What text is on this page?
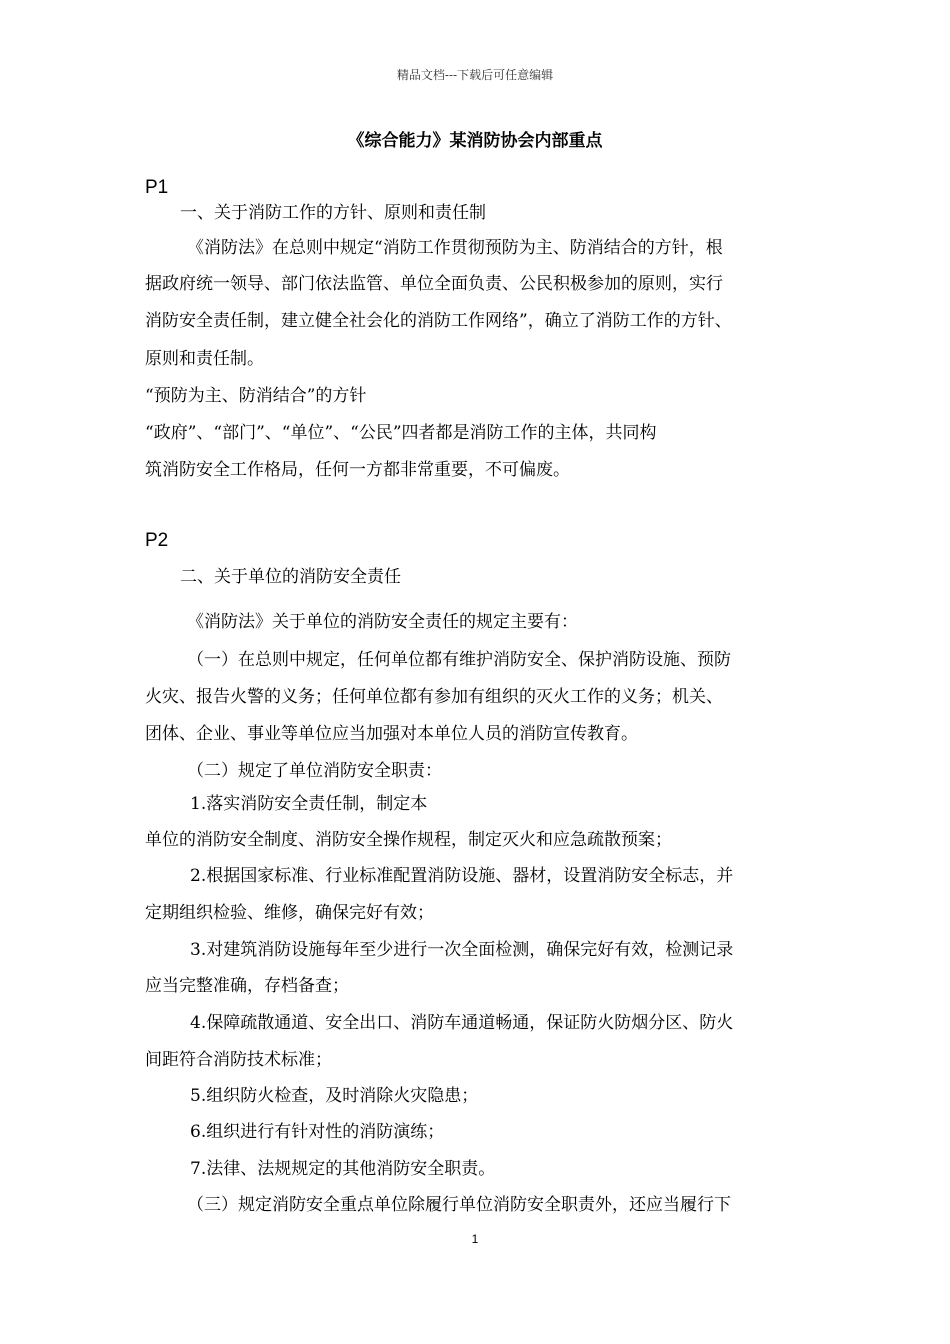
精品文档---下载后可任意编辑
《综合能力》某消防协会内部重点
P1
一、关于消防工作的方针、原则和责任制
《消防法》在总则中规定“消防工作贯彻预防为主、防消结合的方针，根
据政府统一领导、部门依法监管、单位全面负责、公民积极参加的原则，实行
消防安全责任制，建立健全社会化的消防工作网络”，确立了消防工作的方针、
原则和责任制。
“预防为主、防消结合”的方针
“政府”、“部门”、“单位”、“公民”四者都是消防工作的主体，共同构
筑消防安全工作格局，任何一方都非常重要，不可偏废。
P2
二、关于单位的消防安全责任
《消防法》关于单位的消防安全责任的规定主要有：
（一）在总则中规定，任何单位都有维护消防安全、保护消防设施、预防
火灾、报告火警的义务；任何单位都有参加有组织的灭火工作的义务；机关、
团体、企业、事业等单位应当加强对本单位人员的消防宣传教育。
（二）规定了单位消防安全职责：
1.落实消防安全责任制，制定本
单位的消防安全制度、消防安全操作规程，制定灭火和应急疏散预案；
2.根据国家标准、行业标准配置消防设施、器材，设置消防安全标志，并
定期组织检验、维修，确保完好有效；
3.对建筑消防设施每年至少进行一次全面检测，确保完好有效，检测记录
应当完整准确，存档备查；
4.保障疏散通道、安全出口、消防车通道畅通，保证防火防烟分区、防火
间距符合消防技术标准；
5.组织防火检查，及时消除火灾隐患；
6.组织进行有针对性的消防演练；
7.法律、法规规定的其他消防安全职责。
（三）规定消防安全重点单位除履行单位消防安全职责外，还应当履行下
1
